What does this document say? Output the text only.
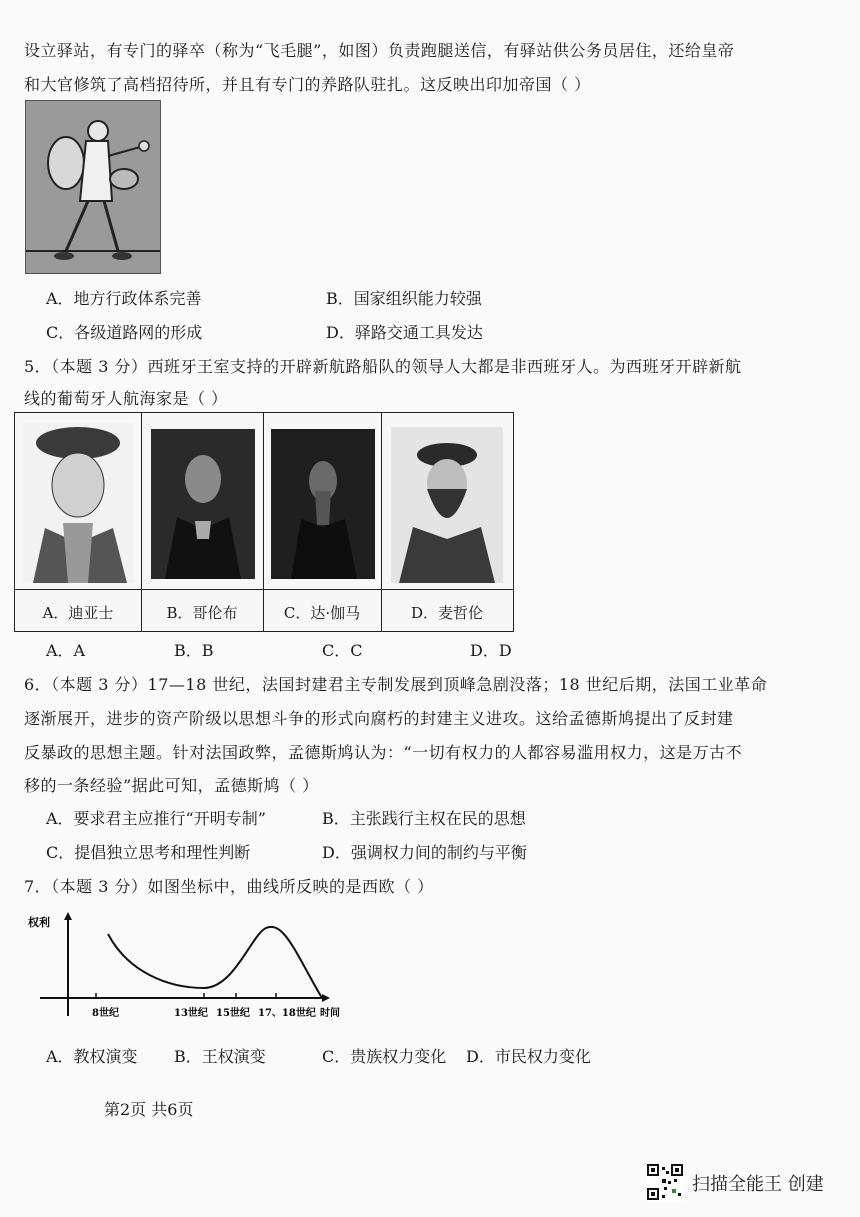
设立驿站，有专门的驿卒（称为“飞毛腿”，如图）负责跑腿送信，有驿站供公务员居住，还给皇帝
和大官修筑了高档招待所，并且有专门的养路队驻扎。这反映出印加帝国（ ）
A．地方行政体系完善	B．国家组织能力较强
C．各级道路网的形成	D．驿路交通工具发达
5．（本题 3 分）西班牙王室支持的开辟新航路船队的领导人大都是非西班牙人。为西班牙开辟新航
线的葡萄牙人航海家是（ ）
A．迪亚士	B．哥伦布	C．达·伽马	D．麦哲伦
A．A	B．B	C．C	D．D
6．（本题 3 分）17—18 世纪，法国封建君主专制发展到顶峰急剧没落；18 世纪后期，法国工业革命
逐渐展开，进步的资产阶级以思想斗争的形式向腐朽的封建主义进攻。这给孟德斯鸠提出了反封建
反暴政的思想主题。针对法国政弊，孟德斯鸠认为：“一切有权力的人都容易滥用权力，这是万古不
移的一条经验”据此可知，孟德斯鸠（ ）
A．要求君主应推行“开明专制”	B．主张践行主权在民的思想
C．提倡独立思考和理性判断	D．强调权力间的制约与平衡
7．（本题 3 分）如图坐标中，曲线所反映的是西欧（ ）
权利
8世纪	13世纪 15世纪 17、18世纪 时间
A．教权演变 B．王权演变	C．贵族权力变化 D．市民权力变化
第2页 共6页
扫描全能王 创建
